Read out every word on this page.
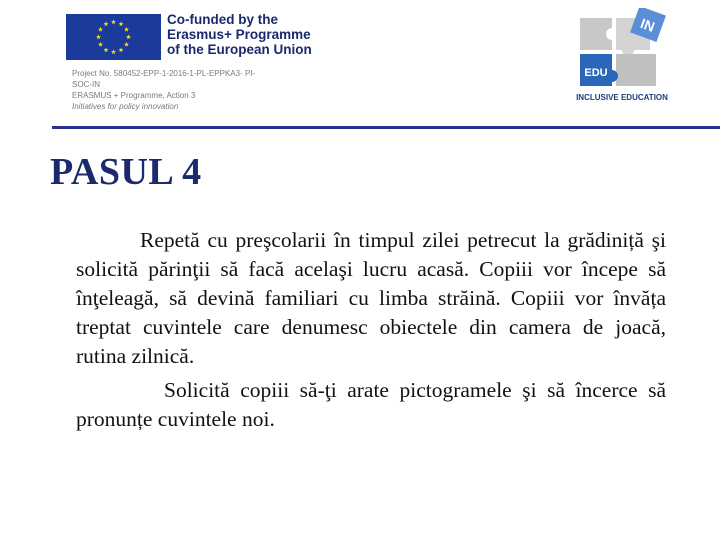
Co-funded by the
Erasmus+ Programme
of the European Union
Project No. 580452-EPP-1-2016-1-PL-EPPKA3- PI-
SOC-IN
ERASMUS + Programme, Action 3
Initiatives for policy innovation
IN
EDU
INCLUSIVE EDUCATION
PASUL 4

Repetă cu preşcolarii în timpul zilei petrecut la grădiniță şi solicită părinţii să facă acelaşi lucru acasă. Copiii vor începe să înţeleagă, să devină familiari cu limba străină. Copiii vor învăța treptat cuvintele care denumesc obiectele din camera de joacă, rutina zilnică.

Solicită copiii să-ţi arate pictogramele şi să încerce să pronunțe cuvintele noi.
